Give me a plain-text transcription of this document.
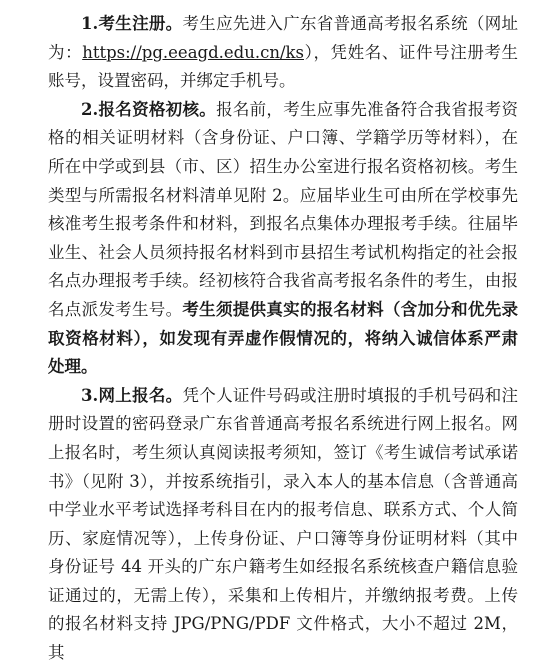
1.考生注册。考生应先进入广东省普通高考报名系统（网址为：https://pg.eeagd.edu.cn/ks），凭姓名、证件号注册考生账号，设置密码，并绑定手机号。

2.报名资格初核。报名前，考生应事先准备符合我省报考资格的相关证明材料（含身份证、户口簿、学籍学历等材料），在所在中学或到县（市、区）招生办公室进行报名资格初核。考生类型与所需报名材料清单见附 2。应届毕业生可由所在学校事先核准考生报考条件和材料，到报名点集体办理报考手续。往届毕业生、社会人员须持报名材料到市县招生考试机构指定的社会报名点办理报考手续。经初核符合我省高考报名条件的考生，由报名点派发考生号。考生须提供真实的报名材料（含加分和优先录取资格材料），如发现有弄虚作假情况的，将纳入诚信体系严肃处理。

3.网上报名。凭个人证件号码或注册时填报的手机号码和注册时设置的密码登录广东省普通高考报名系统进行网上报名。网上报名时，考生须认真阅读报考须知，签订《考生诚信考试承诺书》（见附 3），并按系统指引，录入本人的基本信息（含普通高中学业水平考试选择考科目在内的报考信息、联系方式、个人简历、家庭情况等），上传身份证、户口簿等身份证明材料（其中身份证号 44 开头的广东户籍考生如经报名系统核查户籍信息验证通过的，无需上传），采集和上传相片，并缴纳报考费。上传的报名材料支持 JPG/PNG/PDF 文件格式，大小不超过 2M，其
